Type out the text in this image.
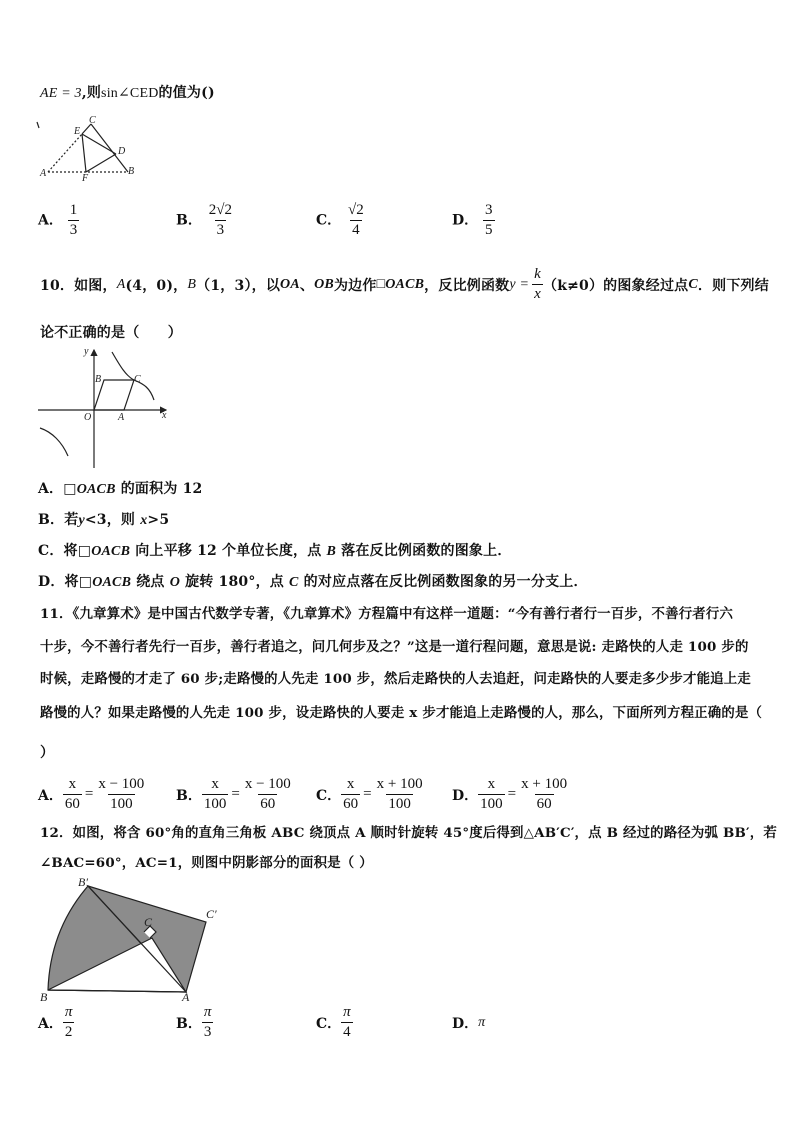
AE = 3,则sin∠CED的值为()
C
E
D
A	F
B
A． $\frac{1}{3}$	B． $\frac{2√2}{3}$	C． $\frac{√2}{4}$	D． $\frac{3}{5}$
10．如图， A (4，0)， B （1，3），以 OA 、 OB 为边作 □OACB ，反比例函数 $y = \frac{k}{x} (k\ne 0)$的图象经过点 C ．则下列结
论不正确的是（　　）
y
x
O	A
B	C
A．□OACB 的面积为 12
B．若y<3，则 x>5
C．将□OACB 向上平移 12 个单位长度，点 B 落在反比例函数的图象上．
D．将□OACB 绕点 O 旋转 180°，点 C 的对应点落在反比例函数图象的另一分支上．
11．《九章算术》是中国古代数学专著，《九章算术》方程篇中有这样一道题：“今有善行者行一百步，不善行者行六
十步，今不善行者先行一百步，善行者追之，问几何步及之？”这是一道行程问题，意思是说: 走路快的人走 100 步的
时候，走路慢的才走了 60 步;走路慢的人先走 100 步，然后走路快的人去追赶，问走路快的人要走多少步才能追上走
路慢的人？如果走路慢的人先走 100 步，设走路快的人要走 x 步才能追上走路慢的人，那么，下面所列方程正确的是（
）
A． $\frac{x}{60} = \frac{x - 100}{100}$ B． $\frac{x}{100} = \frac{x - 100}{60}$ C． $\frac{x}{60} = \frac{x + 100}{100}$ D． $\frac{x}{100} = \frac{x + 100}{60}$
12．如图，将含 60°角的直角三角板 ABC 绕顶点 A 顺时针旋转 45°度后得到△AB′C′，点 B 经过的路径为弧 BB′，若
∠BAC=60°，AC=1，则图中阴影部分的面积是（ ）
B′
C
C′
B	A
A． $\frac{\pi}{2}$	B． $\frac{\pi}{3}$	C． $\frac{\pi}{4}$	D． π
